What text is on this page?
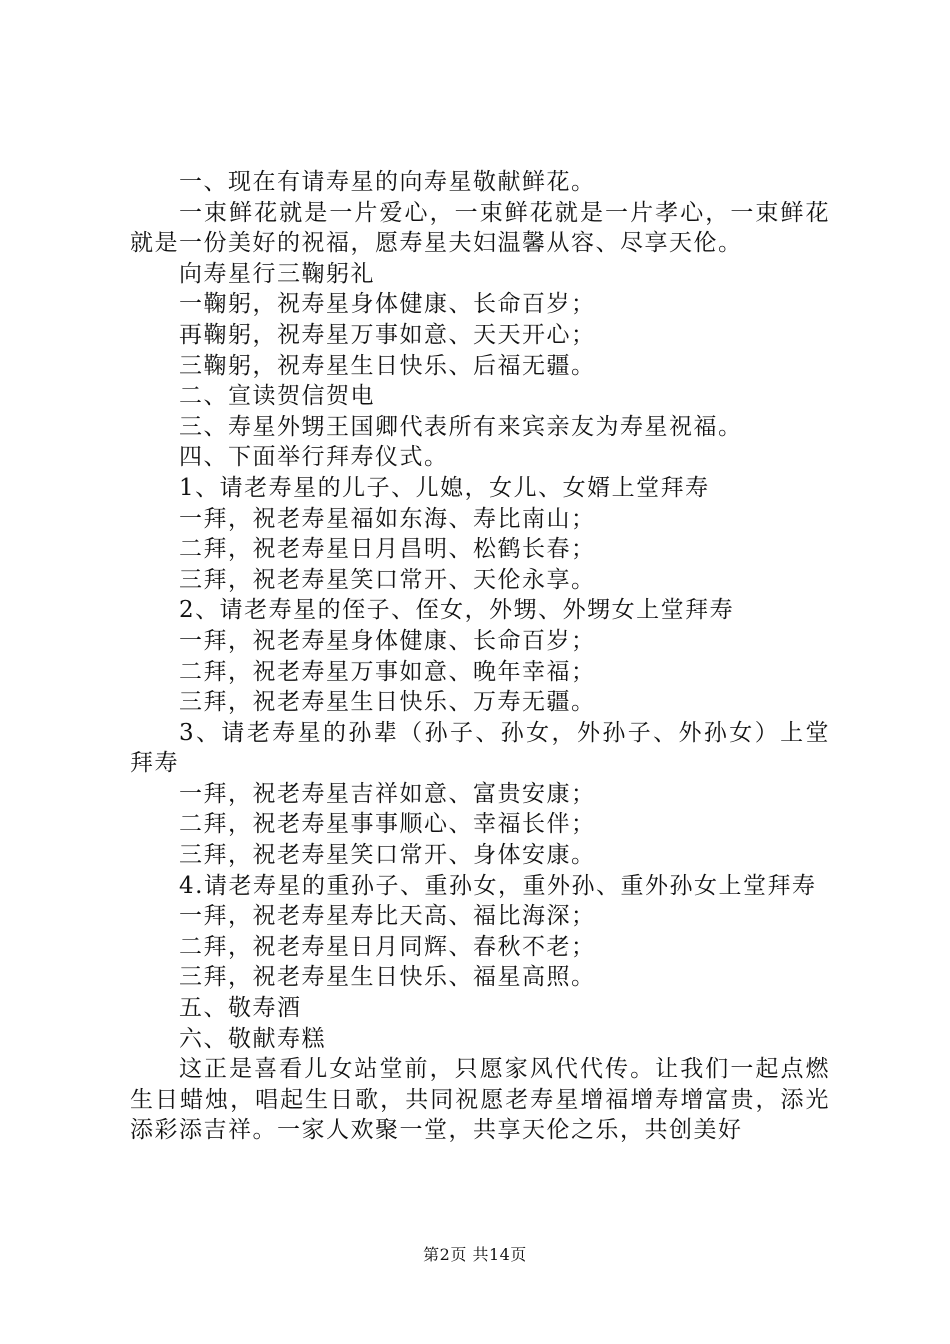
一、现在有请寿星的向寿星敬献鲜花。

一束鲜花就是一片爱心，一束鲜花就是一片孝心，一束鲜花就是一份美好的祝福，愿寿星夫妇温馨从容、尽享天伦。

向寿星行三鞠躬礼

一鞠躬，祝寿星身体健康、长命百岁；

再鞠躬，祝寿星万事如意、天天开心；

三鞠躬，祝寿星生日快乐、后福无疆。

二、宣读贺信贺电

三、寿星外甥王国卿代表所有来宾亲友为寿星祝福。

四、下面举行拜寿仪式。

1、请老寿星的儿子、儿媳，女儿、女婿上堂拜寿

一拜，祝老寿星福如东海、寿比南山；

二拜，祝老寿星日月昌明、松鹤长春；

三拜，祝老寿星笑口常开、天伦永享。

2、请老寿星的侄子、侄女，外甥、外甥女上堂拜寿

一拜，祝老寿星身体健康、长命百岁；

二拜，祝老寿星万事如意、晚年幸福；

三拜，祝老寿星生日快乐、万寿无疆。

3、请老寿星的孙辈（孙子、孙女，外孙子、外孙女）上堂拜寿

一拜，祝老寿星吉祥如意、富贵安康；

二拜，祝老寿星事事顺心、幸福长伴；

三拜，祝老寿星笑口常开、身体安康。

4.请老寿星的重孙子、重孙女，重外孙、重外孙女上堂拜寿

一拜，祝老寿星寿比天高、福比海深；

二拜，祝老寿星日月同辉、春秋不老；

三拜，祝老寿星生日快乐、福星高照。

五、敬寿酒

六、敬献寿糕

这正是喜看儿女站堂前，只愿家风代代传。让我们一起点燃生日蜡烛，唱起生日歌，共同祝愿老寿星增福增寿增富贵，添光添彩添吉祥。一家人欢聚一堂，共享天伦之乐，共创美好

第2页 共14页
